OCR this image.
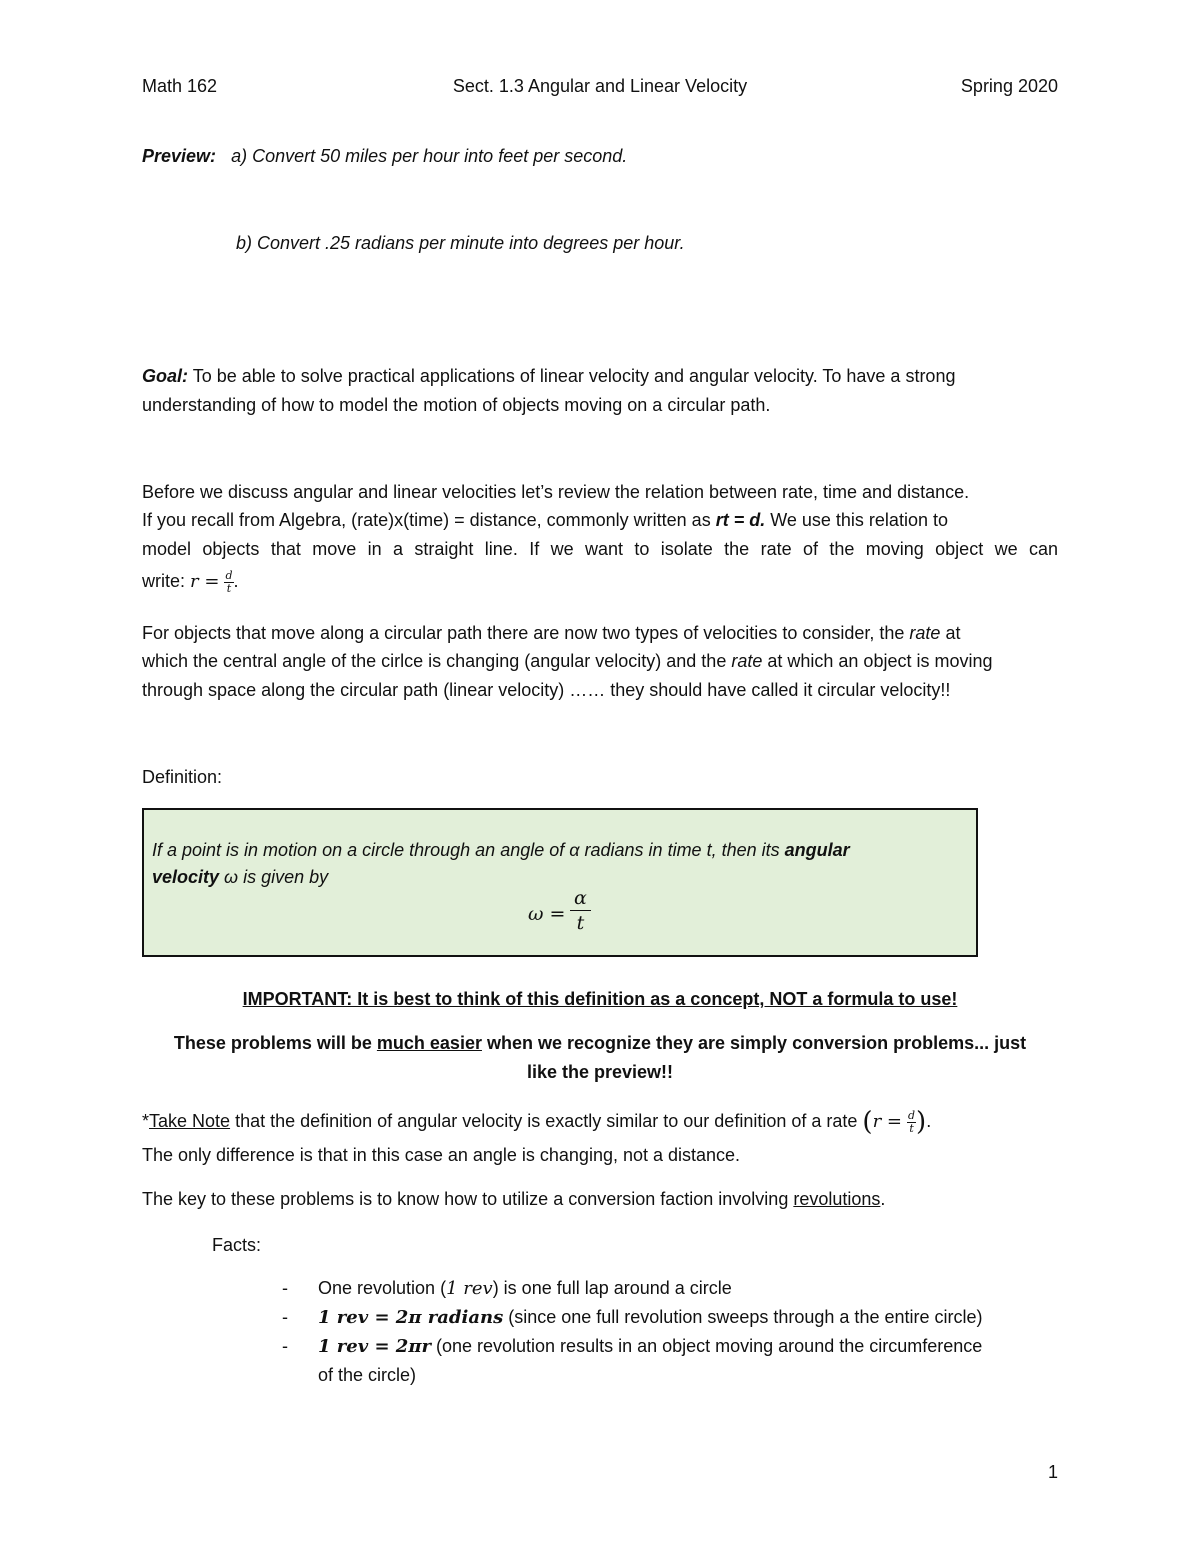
Math 162	Sect. 1.3 Angular and Linear Velocity	Spring 2020
Preview: a) Convert 50 miles per hour into feet per second.
b) Convert .25 radians per minute into degrees per hour.
Goal: To be able to solve practical applications of linear velocity and angular velocity. To have a strong
understanding of how to model the motion of objects moving on a circular path.
Before we discuss angular and linear velocities let’s review the relation between rate, time and distance.
If you recall from Algebra, (rate)x(time) = distance, commonly written as rt = d. We use this relation to
model objects that move in a straight line. If we want to isolate the rate of the moving object we can
write: $r = \frac{d}{t}$ .
For objects that move along a circular path there are now two types of velocities to consider, the rate at
which the central angle of the cirlce is changing (angular velocity) and the rate at which an object is moving
through space along the circular path (linear velocity) …… they should have called it circular velocity!!
Definition:
If a point is in motion on a circle through an angle of α radians in time t, then its angular
velocity ω is given by
$\omega = \frac{\alpha}{t}$
IMPORTANT: It is best to think of this definition as a concept, NOT a formula to use!
These problems will be much easier when we recognize they are simply conversion problems... just
like the preview!!
*Take Note that the definition of angular velocity is exactly similar to our definition of a rate ($r = \frac{d}{t}$ ).
The only difference is that in this case an angle is changing, not a distance.
The key to these problems is to know how to utilize a conversion faction involving revolutions.
Facts:
- One revolution (1 rev) is one full lap around a circle
- 1 rev = 2π radians (since one full revolution sweeps through a the entire circle)
- 1 rev = 2πr (one revolution results in an object moving around the circumference
of the circle)
1
